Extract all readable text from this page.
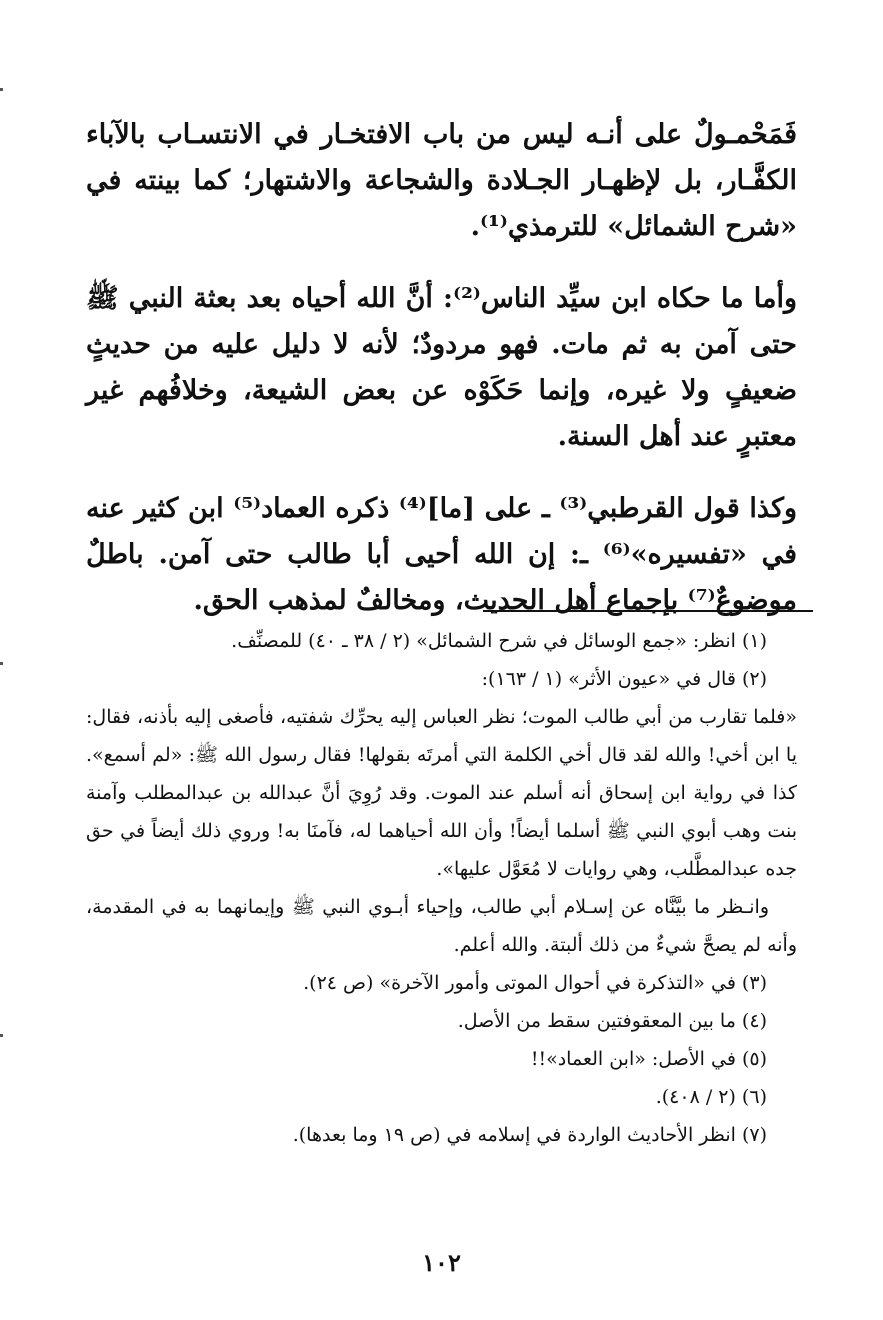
فَمَحْمـولٌ على أنـه ليس من باب الافتخـار في الانتسـاب بالآباء الكفَّـار، بل لإظهـار الجـلادة والشجاعة والاشتهار؛ كما بينته في «شرح الشمائل» للترمذي⁽¹⁾.

وأما ما حكاه ابن سيِّد الناس⁽²⁾: أنَّ الله أحياه بعد بعثة النبي ﷺ حتى آمن به ثم مات. فهو مردودٌ؛ لأنه لا دليل عليه من حديثٍ ضعيفٍ ولا غيره، وإنما حَكَوْه عن بعض الشيعة، وخلافُهم غير معتبرٍ عند أهل السنة.

وكذا قول القرطبي⁽³⁾ ـ على [ما]⁽⁴⁾ ذكره العماد⁽⁵⁾ ابن كثير عنه في «تفسيره»⁽⁶⁾ ـ: إن الله أحيى أبا طالب حتى آمن. باطلٌ موضوعٌ⁽⁷⁾ بإجماع أهل الحديث، ومخالفٌ لمذهب الحق.

(١) انظر: «جمع الوسائل في شرح الشمائل» (٢ / ٣٨ ـ ٤٠) للمصنِّف.

(٢) قال في «عيون الأثر» (١ / ١٦٣):

«فلما تقارب من أبي طالب الموت؛ نظر العباس إليه يحرِّك شفتيه، فأصغى إليه بأذنه، فقال: يا ابن أخي! والله لقد قال أخي الكلمة التي أمرتَه بقولها! فقال رسول الله ﷺ: «لم أسمع». كذا في رواية ابن إسحاق أنه أسلم عند الموت. وقد رُوِيَ أنَّ عبدالله بن عبدالمطلب وآمنة بنت وهب أبوي النبي ﷺ أسلما أيضاً! وأن الله أحياهما له، فآمنَا به! وروي ذلك أيضاً في حق جده عبدالمطَّلب، وهي روايات لا مُعَوَّل عليها».

وانـظر ما بيَّنَّاه عن إسـلام أبي طالب، وإحياء أبـوي النبي ﷺ وإيمانهما به في المقدمة، وأنه لم يصحَّ شيءٌ من ذلك ألبتة. والله أعلم.

(٣) في «التذكرة في أحوال الموتى وأمور الآخرة» (ص ٢٤).

(٤) ما بين المعقوفتين سقط من الأصل.

(٥) في الأصل: «ابن العماد»!!

(٦) (٢ / ٤٠٨).

(٧) انظر الأحاديث الواردة في إسلامه في (ص ١٩ وما بعدها).

١٠٢
